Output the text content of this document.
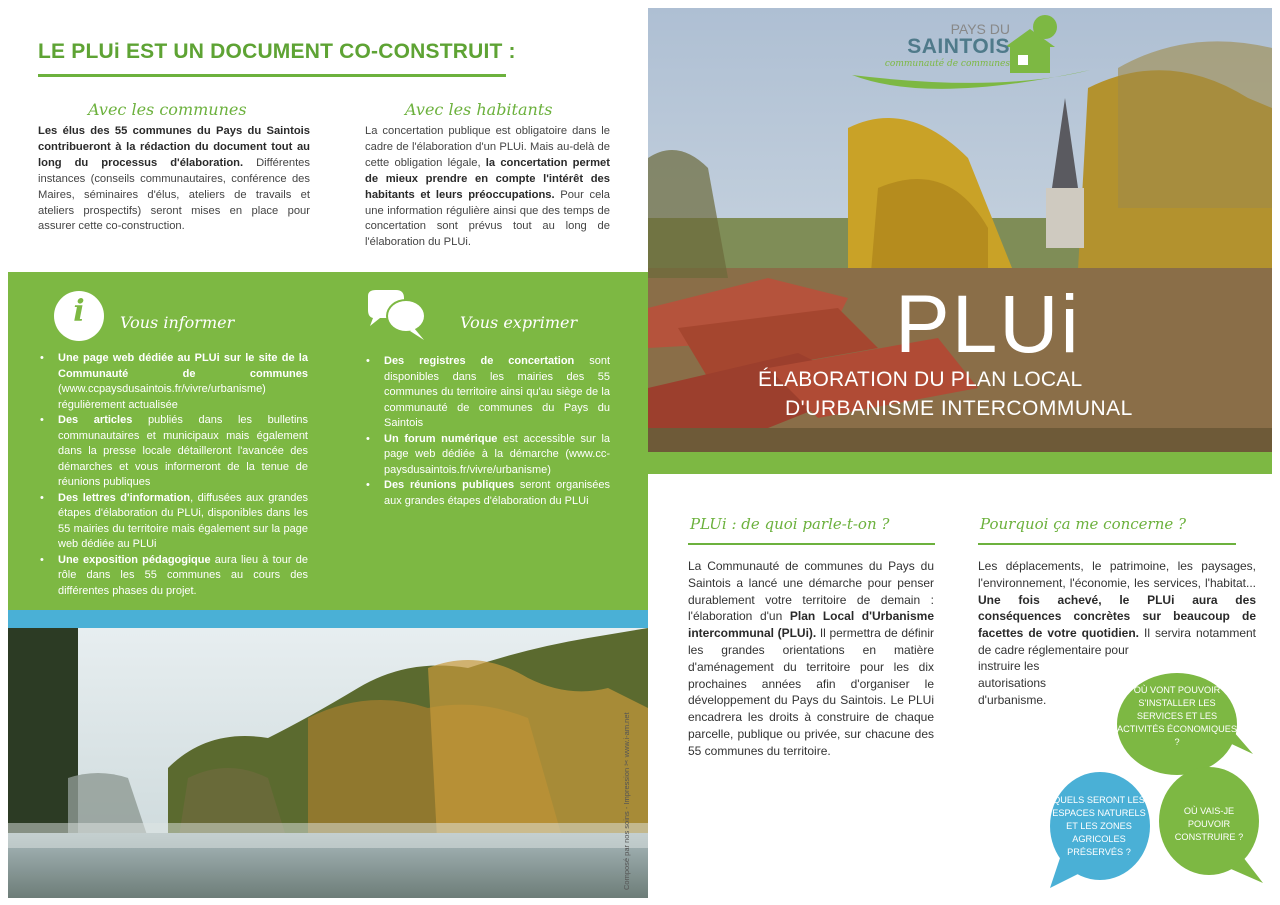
LE PLUi EST UN DOCUMENT CO-CONSTRUIT :
Avec les communes	Avec les habitants
Les élus des 55 communes du Pays du Saintois contribueront à la rédaction du document tout au long du processus d'élaboration. Différentes instances (conseils communautaires, conférence des Maires, séminaires d'élus, ateliers de travails et ateliers prospectifs) seront mises en place pour assurer cette co-construction.
La concertation publique est obligatoire dans le cadre de l'élaboration d'un PLUi. Mais au-delà de cette obligation légale, la concertation permet de mieux prendre en compte l'intérêt des habitants et leurs préoccupations. Pour cela une information régulière ainsi que des temps de concertation sont prévus tout au long de l'élaboration du PLUi.
i	Vous informer	Vous exprimer
• Une page web dédiée au PLUi sur le site de la Communauté de communes (www.ccpaysdusaintois.fr/vivre/urbanisme) régulièrement actualisée
• Des articles publiés dans les bulletins communautaires et municipaux mais également dans la presse locale détailleront l'avancée des démarches et vous informeront de la tenue de réunions publiques
• Des lettres d'information, diffusées aux grandes étapes d'élaboration du PLUi, disponibles dans les 55 mairies du territoire mais également sur la page web dédiée au PLUi
• Une exposition pédagogique aura lieu à tour de rôle dans les 55 communes au cours des différentes phases du projet.
• Des registres de concertation sont disponibles dans les mairies des 55 communes du territoire ainsi qu'au siège de la communauté de communes du Pays du Saintois
• Un forum numérique est accessible sur la page web dédiée à la démarche (www.cc-paysdusaintois.fr/vivre/urbanisme)
• Des réunions publiques seront organisées aux grandes étapes d'élaboration du PLUi
Composé par nos soins - Impression ✂ www.i-am.net
PAYS DU
SAINTOIS
communauté de communes
PLUi
ÉLABORATION DU PLAN LOCAL
D'URBANISME INTERCOMMUNAL
PLUi : de quoi parle-t-on ?	Pourquoi ça me concerne ?
La Communauté de communes du Pays du Saintois a lancé une démarche pour penser durablement votre territoire de demain : l'élaboration d'un Plan Local d'Urbanisme intercommunal (PLUi). Il permettra de définir les grandes orientations en matière d'aménagement du territoire pour les dix prochaines années afin d'organiser le développement du Pays du Saintois. Le PLUi encadrera les droits à construire de chaque parcelle, publique ou privée, sur chacune des 55 communes du territoire.
Les déplacements, le patrimoine, les paysages, l'environnement, l'économie, les services, l'habitat... Une fois achevé, le PLUi aura des conséquences concrètes sur beaucoup de facettes de votre quotidien. Il servira notamment de cadre réglementaire pour
instruire les autorisations d'urbanisme.
OÙ VONT POUVOIR S'INSTALLER LES SERVICES ET LES ACTIVITÉS ÉCONOMIQUES ?
QUELS SERONT LES ESPACES NATURELS ET LES ZONES AGRICOLES PRÉSERVÉS ?
OÙ VAIS-JE POUVOIR CONSTRUIRE ?
